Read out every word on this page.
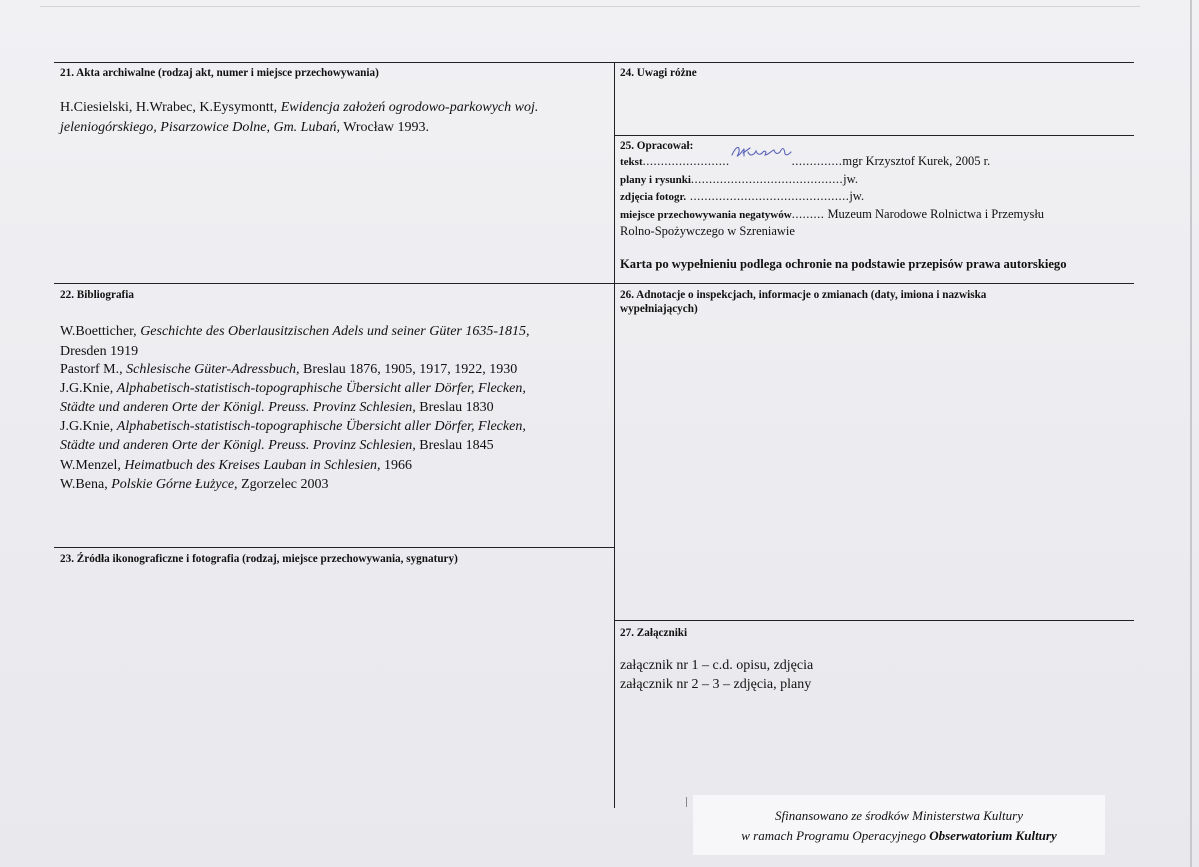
21. Akta archiwalne (rodzaj akt, numer i miejsce przechowywania)
H.Ciesielski, H.Wrabec, K.Eysymontt, Ewidencja założeń ogrodowo-parkowych woj.
jeleniogórskiego, Pisarzowice Dolne, Gm. Lubań, Wrocław 1993.
22. Bibliografia
W.Boetticher, Geschichte des Oberlausitzischen Adels und seiner Güter 1635-1815,
Dresden 1919
Pastorf M., Schlesische Güter-Adressbuch, Breslau 1876, 1905, 1917, 1922, 1930
J.G.Knie, Alphabetisch-statistisch-topographische Übersicht aller Dörfer, Flecken,
Städte und anderen Orte der Königl. Preuss. Provinz Schlesien, Breslau 1830
J.G.Knie, Alphabetisch-statistisch-topographische Übersicht aller Dörfer, Flecken,
Städte und anderen Orte der Königl. Preuss. Provinz Schlesien, Breslau 1845
W.Menzel, Heimatbuch des Kreises Lauban in Schlesien, 1966
W.Bena, Polskie Górne Łużyce, Zgorzelec 2003
23. Źródła ikonograficzne i fotografia (rodzaj, miejsce przechowywania, sygnatury)
24. Uwagi różne
25. Opracował:
tekst........................	..............mgr Krzysztof Kurek, 2005 r.
plany i rysunki..........................................jw.
zdjęcia fotogr. ............................................jw.
miejsce przechowywania negatywów......... Muzeum Narodowe Rolnictwa i Przemysłu
Rolno-Spożywczego w Szreniawie
Karta po wypełnieniu podlega ochronie na podstawie przepisów prawa autorskiego
26. Adnotacje o inspekcjach, informacje o zmianach (daty, imiona i nazwiska
wypełniających)
27. Załączniki
załącznik nr 1 – c.d. opisu, zdjęcia
załącznik nr 2 – 3 – zdjęcia, plany
Sfinansowano ze środków Ministerstwa Kultury
w ramach Programu Operacyjnego Obserwatorium Kultury
